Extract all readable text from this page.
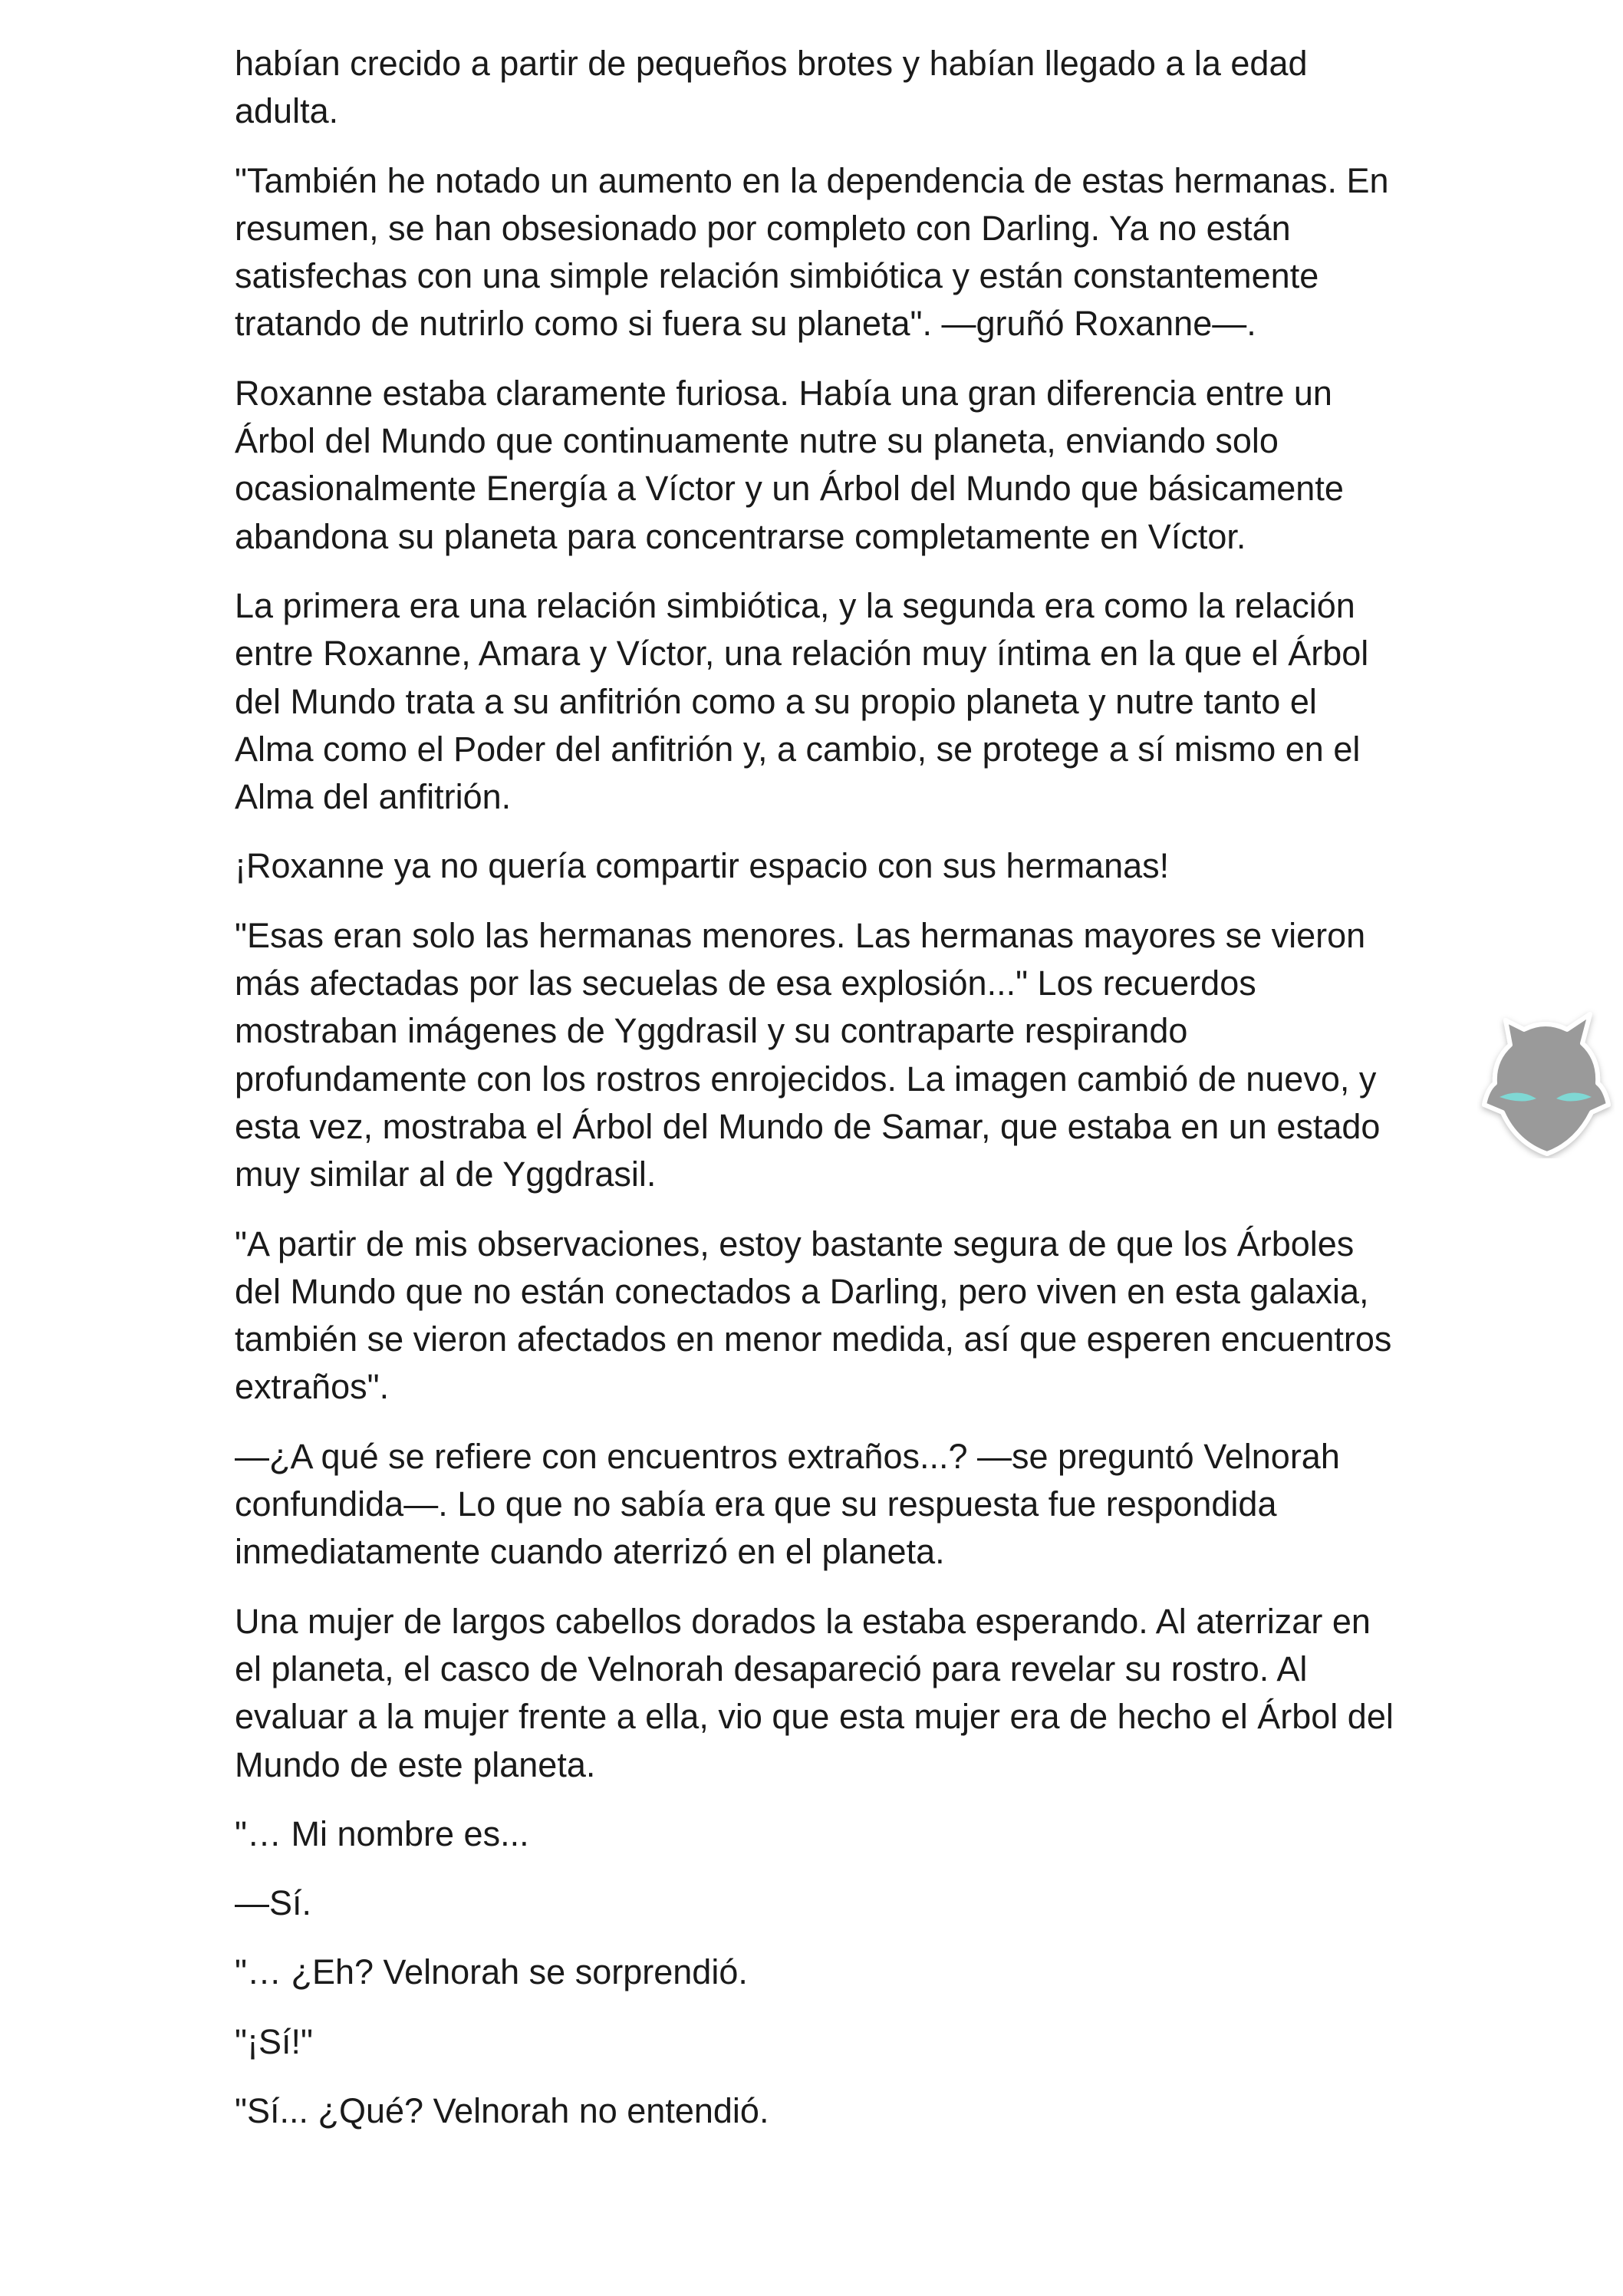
habían crecido a partir de pequeños brotes y habían llegado a la edad adulta.

"También he notado un aumento en la dependencia de estas hermanas. En resumen, se han obsesionado por completo con Darling. Ya no están satisfechas con una simple relación simbiótica y están constantemente tratando de nutrirlo como si fuera su planeta". —gruñó Roxanne—.

Roxanne estaba claramente furiosa. Había una gran diferencia entre un Árbol del Mundo que continuamente nutre su planeta, enviando solo ocasionalmente Energía a Víctor y un Árbol del Mundo que básicamente abandona su planeta para concentrarse completamente en Víctor.

La primera era una relación simbiótica, y la segunda era como la relación entre Roxanne, Amara y Víctor, una relación muy íntima en la que el Árbol del Mundo trata a su anfitrión como a su propio planeta y nutre tanto el Alma como el Poder del anfitrión y, a cambio, se protege a sí mismo en el Alma del anfitrión.

¡Roxanne ya no quería compartir espacio con sus hermanas!

"Esas eran solo las hermanas menores. Las hermanas mayores se vieron más afectadas por las secuelas de esa explosión..." Los recuerdos mostraban imágenes de Yggdrasil y su contraparte respirando profundamente con los rostros enrojecidos. La imagen cambió de nuevo, y esta vez, mostraba el Árbol del Mundo de Samar, que estaba en un estado muy similar al de Yggdrasil.

"A partir de mis observaciones, estoy bastante segura de que los Árboles del Mundo que no están conectados a Darling, pero viven en esta galaxia, también se vieron afectados en menor medida, así que esperen encuentros extraños".

—¿A qué se refiere con encuentros extraños...? —se preguntó Velnorah confundida—. Lo que no sabía era que su respuesta fue respondida inmediatamente cuando aterrizó en el planeta.

Una mujer de largos cabellos dorados la estaba esperando. Al aterrizar en el planeta, el casco de Velnorah desapareció para revelar su rostro. Al evaluar a la mujer frente a ella, vio que esta mujer era de hecho el Árbol del Mundo de este planeta.

"… Mi nombre es...

—Sí.

"… ¿Eh? Velnorah se sorprendió.

"¡Sí!"

"Sí... ¿Qué? Velnorah no entendió.
